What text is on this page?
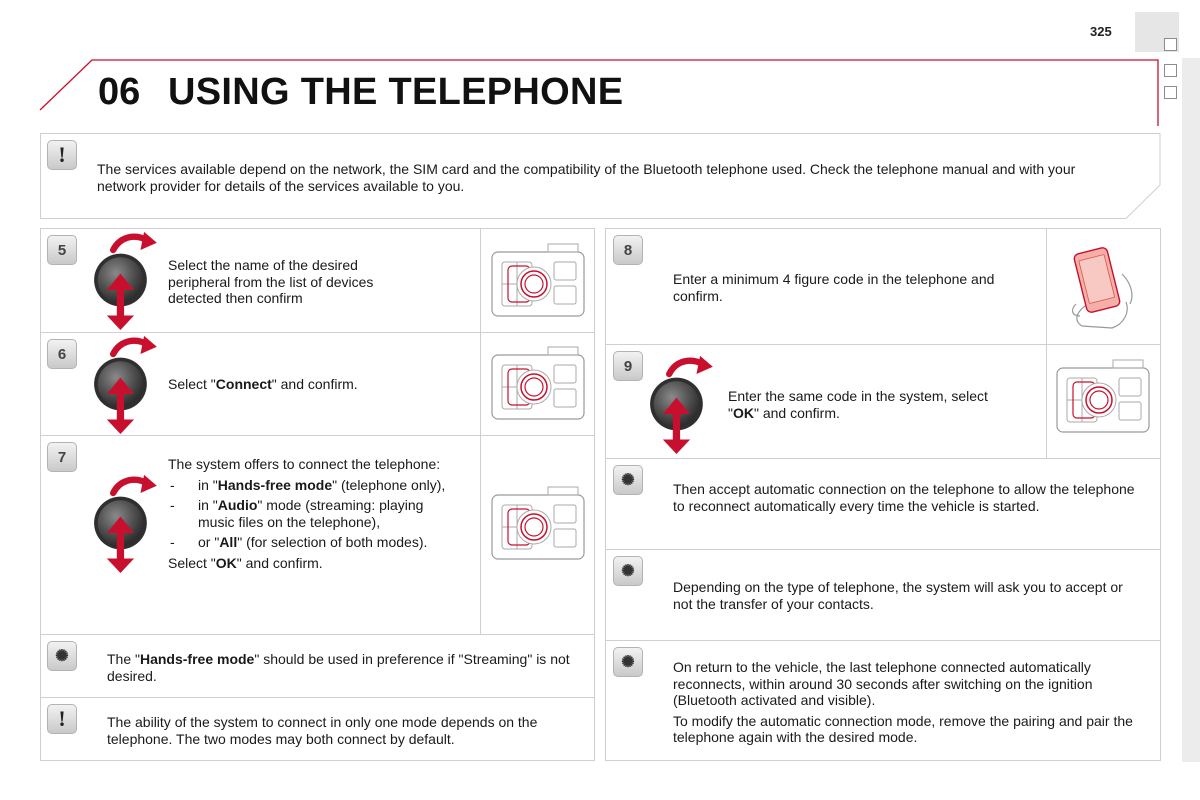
325
06 USING THE TELEPHONE
!
The services available depend on the network, the SIM card and the compatibility of the Bluetooth telephone used. Check the telephone manual and with your network provider for details of the services available to you.
5
Select the name of the desired peripheral from the list of devices detected then confirm
6
Select "Connect" and confirm.
7	The system offers to connect the telephone:
- in "Hands-free mode" (telephone only),
- in "Audio" mode (streaming: playing music files on the telephone),
- or "All" (for selection of both modes).
Select "OK" and confirm.
✺	The "Hands-free mode" should be used in preference if "Streaming" is not desired.
!	The ability of the system to connect in only one mode depends on the telephone. The two modes may both connect by default.
8
Enter a minimum 4 figure code in the telephone and confirm.
9
Enter the same code in the system, select "OK" and confirm.
✺	Then accept automatic connection on the telephone to allow the telephone to reconnect automatically every time the vehicle is started.
✺
Depending on the type of telephone, the system will ask you to accept or not the transfer of your contacts.
✺	On return to the vehicle, the last telephone connected automatically reconnects, within around 30 seconds after switching on the ignition (Bluetooth activated and visible).
To modify the automatic connection mode, remove the pairing and pair the telephone again with the desired mode.
